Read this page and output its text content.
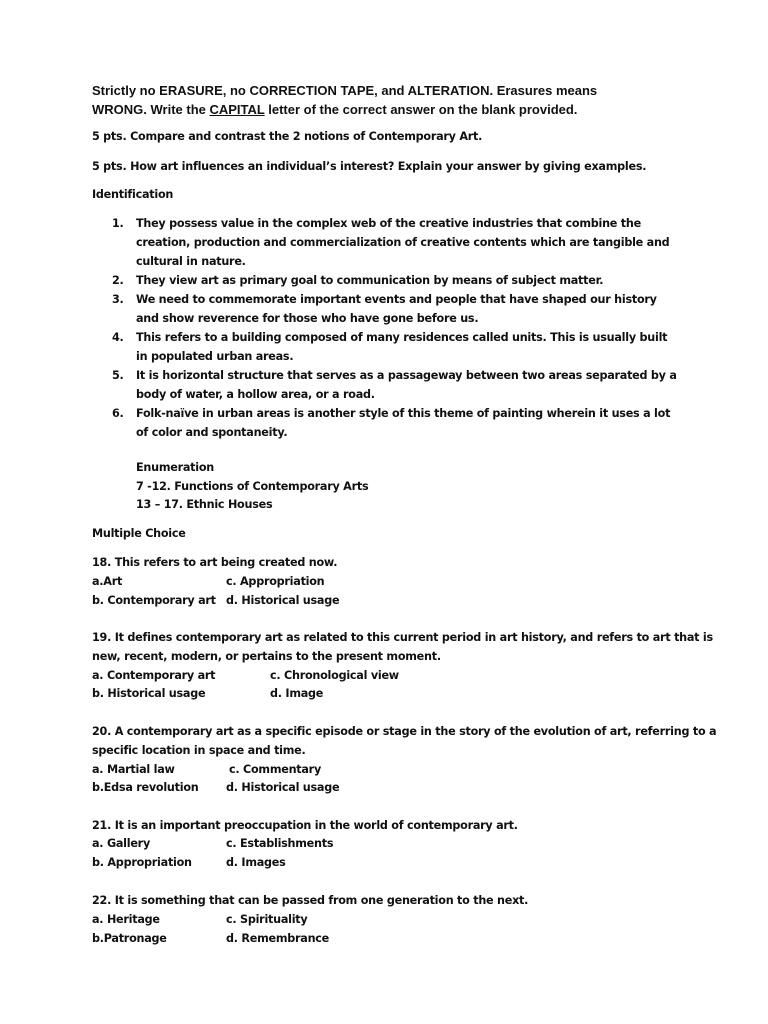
Strictly no ERASURE, no CORRECTION TAPE, and ALTERATION. Erasures means WRONG. Write the CAPITAL letter of the correct answer on the blank provided.
5 pts. Compare and contrast the 2 notions of Contemporary Art.
5 pts. How art influences an individual’s interest? Explain your answer by giving examples.
Identification
1. They possess value in the complex web of the creative industries that combine the creation, production and commercialization of creative contents which are tangible and cultural in nature.
2. They view art as primary goal to communication by means of subject matter.
3. We need to commemorate important events and people that have shaped our history and show reverence for those who have gone before us.
4. This refers to a building composed of many residences called units. This is usually built in populated urban areas.
5. It is horizontal structure that serves as a passageway between two areas separated by a body of water, a hollow area, or a road.
6. Folk-naïve in urban areas is another style of this theme of painting wherein it uses a lot of color and spontaneity.
Enumeration
7 -12. Functions of Contemporary Arts
13 – 17. Ethnic Houses
Multiple Choice
18. This refers to art being created now.
a.Art	c. Appropriation
b. Contemporary art d. Historical usage
19. It defines contemporary art as related to this current period in art history, and refers to art that is
new, recent, modern, or pertains to the present moment.
a. Contemporary art	c. Chronological view
b. Historical usage	d. Image
20. A contemporary art as a specific episode or stage in the story of the evolution of art, referring to a
specific location in space and time.
a. Martial law	c. Commentary
b.Edsa revolution d. Historical usage
21. It is an important preoccupation in the world of contemporary art.
a. Gallery	c. Establishments
b. Appropriation	d. Images
22. It is something that can be passed from one generation to the next.
a. Heritage	c. Spirituality
b.Patronage	d. Remembrance
